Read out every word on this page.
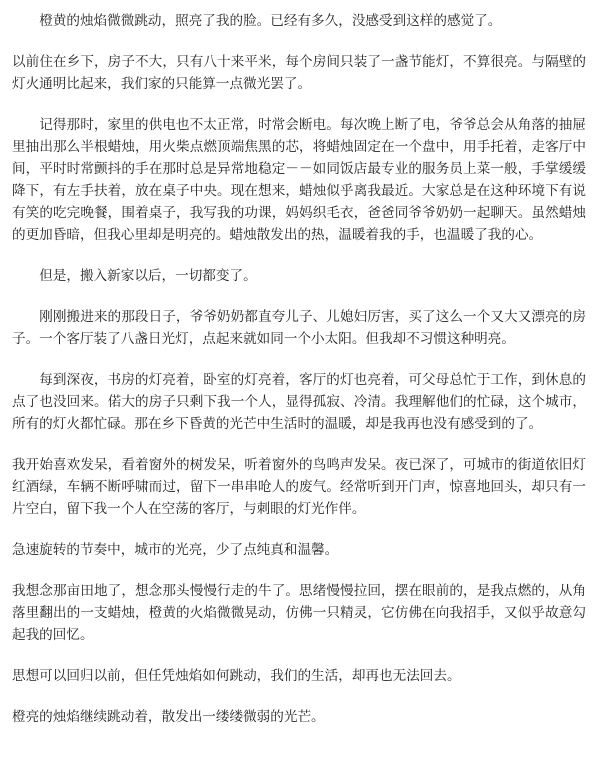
橙黄的烛焰微微跳动，照亮了我的脸。已经有多久，没感受到这样的感觉了。

以前住在乡下，房子不大，只有八十来平米，每个房间只装了一盏节能灯，不算很亮。与隔壁的灯火通明比起来，我们家的只能算一点微光罢了。

记得那时，家里的供电也不太正常，时常会断电。每次晚上断了电，爷爷总会从角落的抽屉里抽出那么半根蜡烛，用火柴点燃顶端焦黑的芯，将蜡烛固定在一个盘中，用手托着，走客厅中间，平时时常颤抖的手在那时总是异常地稳定－－如同饭店最专业的服务员上菜一般，手掌缓缓降下，有左手扶着，放在桌子中央。现在想来，蜡烛似乎离我最近。大家总是在这种环境下有说有笑的吃完晚餐，围着桌子，我写我的功课，妈妈织毛衣，爸爸同爷爷奶奶一起聊天。虽然蜡烛的更加昏暗，但我心里却是明亮的。蜡烛散发出的热，温暖着我的手，也温暖了我的心。

但是，搬入新家以后，一切都变了。

刚刚搬进来的那段日子，爷爷奶奶都直夸儿子、儿媳妇厉害，买了这么一个又大又漂亮的房子。一个客厅装了八盏日光灯，点起来就如同一个小太阳。但我却不习惯这种明亮。

每到深夜，书房的灯亮着，卧室的灯亮着，客厅的灯也亮着，可父母总忙于工作，到休息的点了也没回来。偌大的房子只剩下我一个人，显得孤寂、冷清。我理解他们的忙碌，这个城市，所有的灯火都忙碌。那在乡下昏黄的光芒中生活时的温暖，却是我再也没有感受到的了。

我开始喜欢发呆，看着窗外的树发呆，听着窗外的鸟鸣声发呆。夜已深了，可城市的街道依旧灯红酒绿，车辆不断呼啸而过，留下一串串呛人的废气。经常听到开门声，惊喜地回头，却只有一片空白，留下我一个人在空荡的客厅，与刺眼的灯光作伴。

急速旋转的节奏中，城市的光亮，少了点纯真和温馨。

我想念那亩田地了，想念那头慢慢行走的牛了。思绪慢慢拉回，摆在眼前的，是我点燃的，从角落里翻出的一支蜡烛，橙黄的火焰微微晃动，仿佛一只精灵，它仿佛在向我招手，又似乎故意勾起我的回忆。

思想可以回归以前，但任凭烛焰如何跳动，我们的生活，却再也无法回去。

橙亮的烛焰继续跳动着，散发出一缕缕微弱的光芒。
